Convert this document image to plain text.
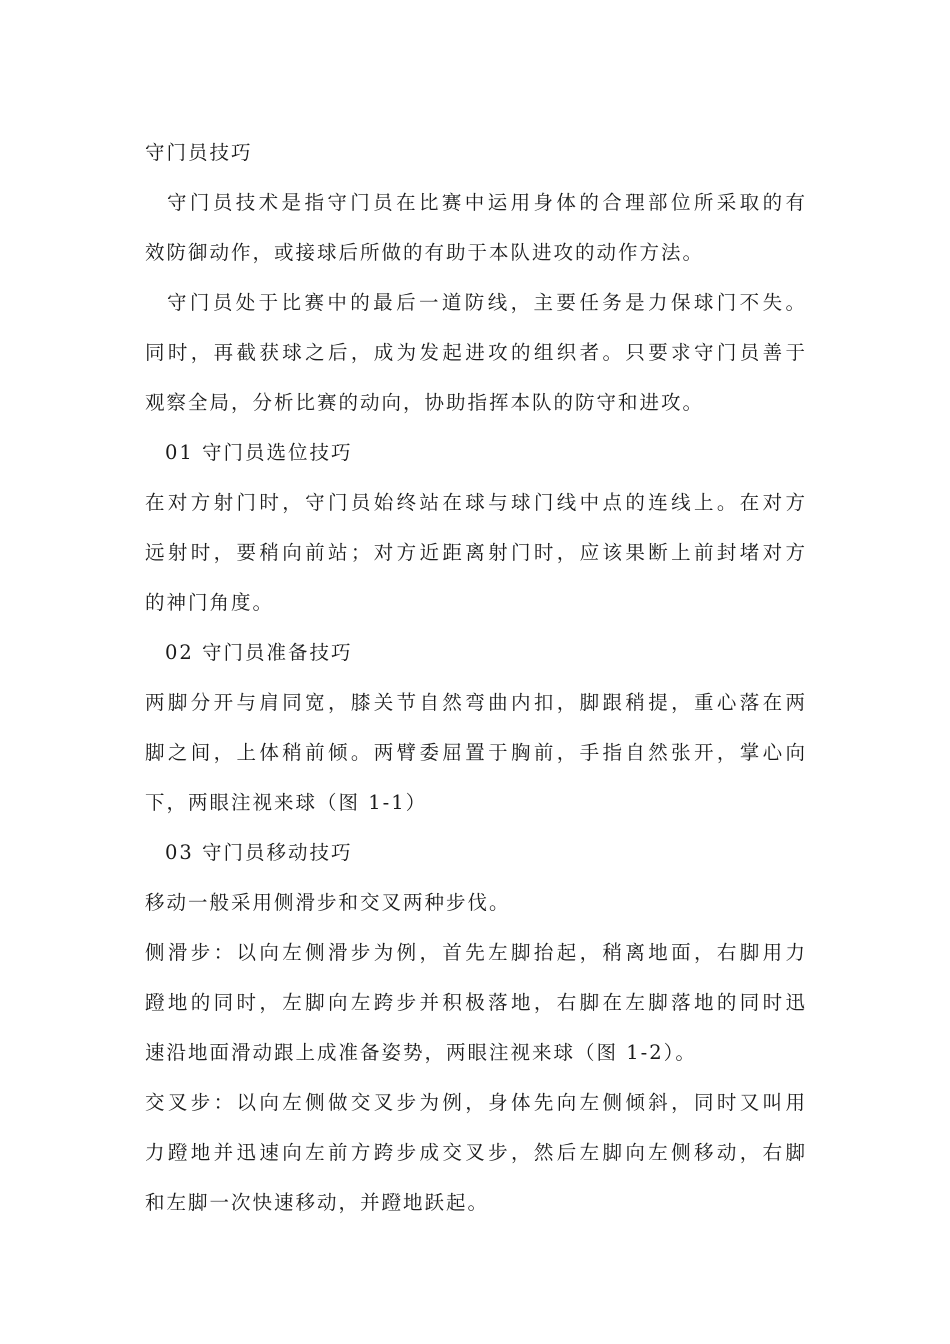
守门员技巧
守门员技术是指守门员在比赛中运用身体的合理部位所采取的有
效防御动作，或接球后所做的有助于本队进攻的动作方法。
守门员处于比赛中的最后一道防线，主要任务是力保球门不失。
同时，再截获球之后，成为发起进攻的组织者。只要求守门员善于
观察全局，分析比赛的动向，协助指挥本队的防守和进攻。
01 守门员选位技巧
在对方射门时，守门员始终站在球与球门线中点的连线上。在对方
远射时，要稍向前站；对方近距离射门时，应该果断上前封堵对方
的神门角度。
02 守门员准备技巧
两脚分开与肩同宽，膝关节自然弯曲内扣，脚跟稍提，重心落在两
脚之间，上体稍前倾。两臂委屈置于胸前，手指自然张开，掌心向
下，两眼注视来球（图 1-1）
03 守门员移动技巧
移动一般采用侧滑步和交叉两种步伐。
侧滑步：以向左侧滑步为例，首先左脚抬起，稍离地面，右脚用力
蹬地的同时，左脚向左跨步并积极落地，右脚在左脚落地的同时迅
速沿地面滑动跟上成准备姿势，两眼注视来球（图 1-2）。
交叉步：以向左侧做交叉步为例，身体先向左侧倾斜，同时又叫用
力蹬地并迅速向左前方跨步成交叉步，然后左脚向左侧移动，右脚
和左脚一次快速移动，并蹬地跃起。
